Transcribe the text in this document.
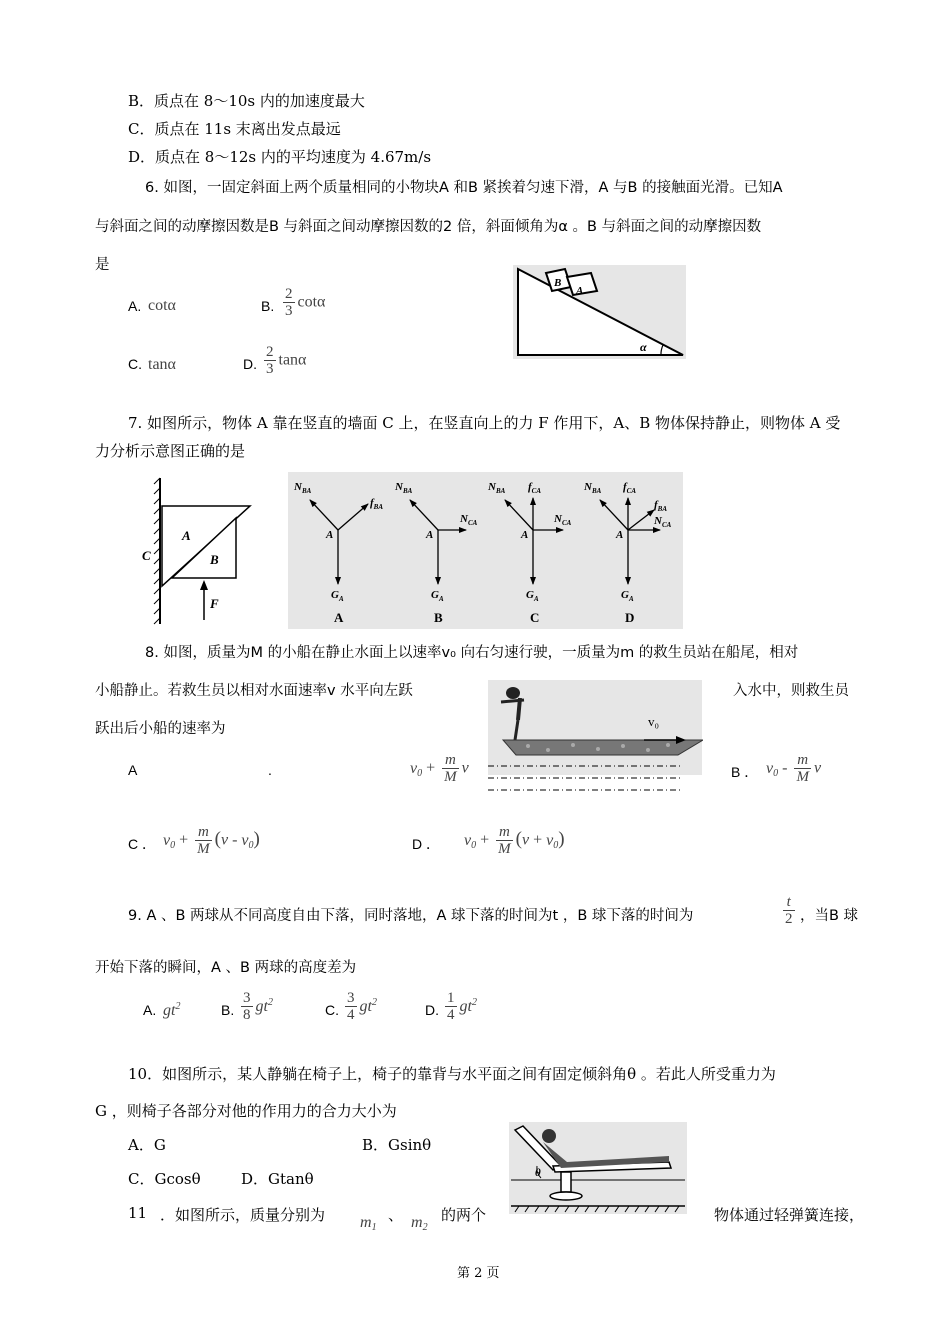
B．质点在 8～10s 内的加速度最大
C．质点在 11s 末离出发点最远
D．质点在 8～12s 内的平均速度为 4.67m/s
6. 如图，一固定斜面上两个质量相同的小物块A 和B 紧挨着匀速下滑，A 与B 的接触面光滑。已知A
与斜面之间的动摩擦因数是B 与斜面之间动摩擦因数的2 倍，斜面倾角为α 。B 与斜面之间的动摩擦因数
是
A. cotα	B. $\frac{2}{3}$ cotα
C. tanα	D. $\frac{2}{3}$ tanα
B
A
α
7. 如图所示，物体 A 靠在竖直的墙面 C 上，在竖直向上的力 F 作用下，A、B 物体保持静止，则物体 A 受
力分析示意图正确的是
C
A
B
F
$N_{BA}$
$f_{BA}$
A
$G_A$
A
$N_{BA}$
$N_{CA}$
A
$G_A$
B
$N_{BA}$ $f_{CA}$
$N_{CA}$
A
$G_A$
C
$N_{BA}$ $f_{CA}$
$f_{BA}$
$N_{CA}$
A
$G_A$
D
8. 如图，质量为M 的小船在静止水面上以速率v₀ 向右匀速行驶，一质量为m 的救生员站在船尾，相对
小船静止。若救生员以相对水面速率v 水平向左跃	入水中，则救生员
跃出后小船的速率为	v₀
A	.	$v_0 + \frac{m}{M}$ v	B ． $v_0 - \frac{m}{M}$ v
C ． $v_0 + \frac{m}{M} (v - v_0)$	D ． $v_0 + \frac{m}{M} (v + v_0)$
9. A 、B 两球从不同高度自由下落，同时落地，A 球下落的时间为t ，B 球下落的时间为	$\frac{t}{2}$ ，当B 球
开始下落的瞬间，A 、B 两球的高度差为
A. $gt^2$	B. $\frac{3}{8} gt^2$	C. $\frac{3}{4} gt^2$	D. $\frac{1}{4} gt^2$
10．如图所示，某人静躺在椅子上，椅子的靠背与水平面之间有固定倾斜角θ 。若此人所受重力为
G ，则椅子各部分对他的作用力的合力大小为
A．G	B．Gsinθ
C．Gcosθ	D．Gtanθ	θ
11 ．如图所示，质量分别为 $m_1$
、 $m_2$
的两个	物体通过轻弹簧连接，
第 2 页
